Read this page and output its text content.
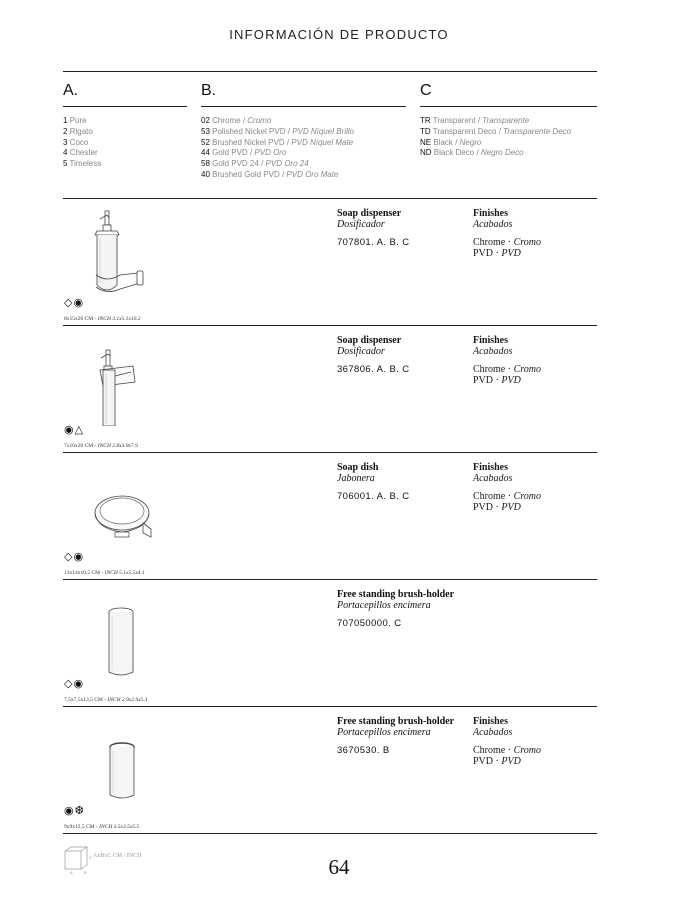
INFORMACIÓN DE PRODUCTO
A.
1 Pure
2 Rigato
3 Coco
4 Chester
5 Timeless
B.
02 Chrome / Cromo
53 Polished Nickel PVD / PVD Níquel Brillo
52 Brushed Nickel PVD / PVD Níquel Mate
44 Gold PVD / PVD Oro
58 Gold PVD 24 / PVD Oro 24
40 Brushed Gold PVD / PVD Oro Mate
C
TR Transparent / Transparente
TD Transparent Deco / Transparente Deco
NE Black / Negro
ND Black Deco / Negro Deco
◇◉
8x15x26 CM - INCH 3.1x5.1x10.2
Soap dispenser
Dosificador
707801. A. B. C
Finishes
Acabados
Chrome · Cromo
PVD · PVD
◉△
7x10x20 CM - INCH 2.8x3.9x7.9
Soap dispenser
Dosificador
367806. A. B. C
Finishes
Acabados
Chrome · Cromo
PVD · PVD
◇◉
13x14x10,5 CM - INCH 5.1x5.5x4.1
Soap dish
Jabonera
706001. A. B. C
Finishes
Acabados
Chrome · Cromo
PVD · PVD
◇◉
7,5x7,5x13,5 CM - INCH 2.9x2.9x5.3
Free standing brush-holder
Portacepillos encimera
707050000. C
◉❆
9x9x12,5 CM - INCH 3.5x3.5x5.5
Free standing brush-holder
Portacepillos encimera
3670530. B
Finishes
Acabados
Chrome · Cromo
PVD · PVD
A	B
C AxBxC CM / INCH	64
